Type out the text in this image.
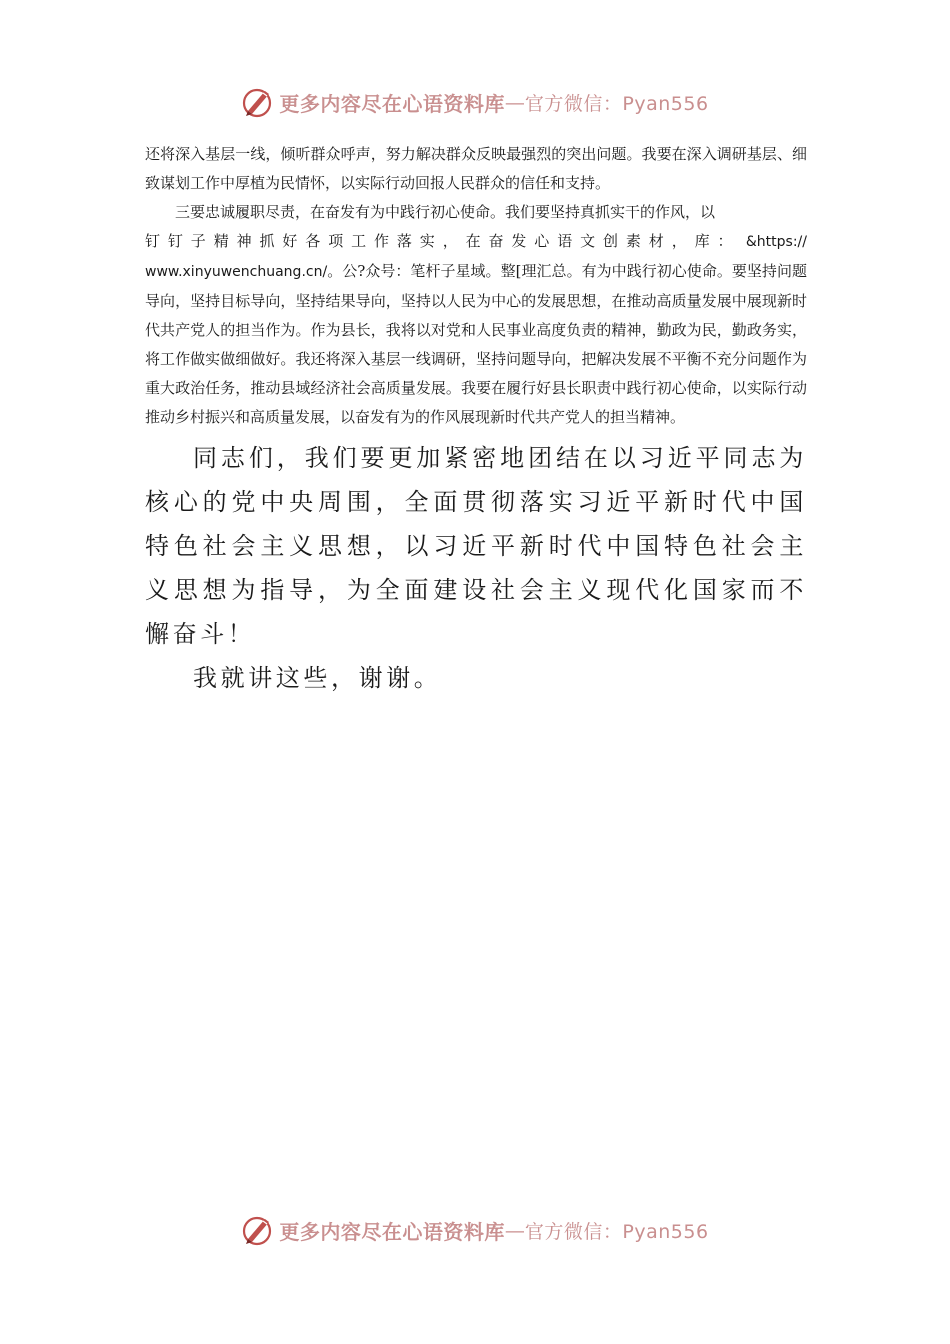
更多内容尽在心语资料库 — 官方微信：Pyan556

还将深入基层一线，倾听群众呼声，努力解决群众反映最强烈的突出问题。我要在深入调研基层、细致谋划工作中厚植为民情怀，以实际行动回报人民群众的信任和支持。

三要忠诚履职尽责，在奋发有为中践行初心使命。我们要坚持真抓实干的作风，以

钉钉子精神抓好各项工作落实，在奋发心语文创素材，库： &https:// www.xinyuwenchuang.cn/。公?众号：笔杆子星域。整[理汇总。有为中践行初心使命。要坚持问题导向，坚持目标导向，坚持结果导向，坚持以人民为中心的发展思想，在推动高质量发展中展现新时代共产党人的担当作为。作为县长，我将以对党和人民事业高度负责的精神，勤政为民，勤政务实，将工作做实做细做好。我还将深入基层一线调研，坚持问题导向，把解决发展不平衡不充分问题作为重大政治任务，推动县域经济社会高质量发展。我要在履行好县长职责中践行初心使命，以实际行动推动乡村振兴和高质量发展，以奋发有为的作风展现新时代共产党人的担当精神。

同志们，我们要更加紧密地团结在以习近平同志为核心的党中央周围，全面贯彻落实习近平新时代中国特色社会主义思想，以习近平新时代中国特色社会主义思想为指导，为全面建设社会主义现代化国家而不懈奋斗！

我就讲这些，谢谢。

更多内容尽在心语资料库 — 官方微信：Pyan556
